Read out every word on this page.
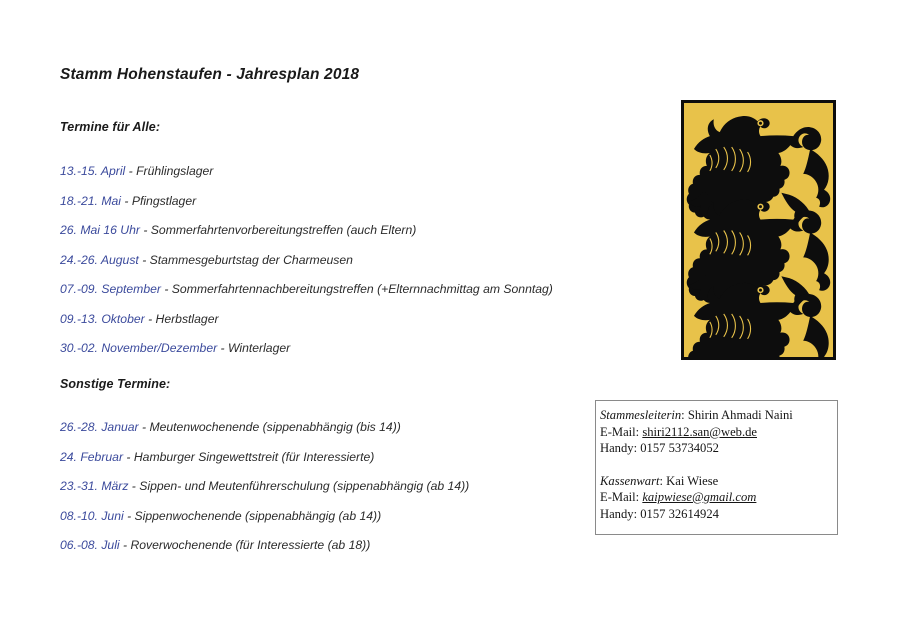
Stamm Hohenstaufen - Jahresplan 2018
Termine für Alle:
13.-15. April - Frühlingslager
18.-21. Mai - Pfingstlager
26. Mai 16 Uhr - Sommerfahrtenvorbereitungstreffen (auch Eltern)
24.-26. August - Stammesgeburtstag der Charmeusen
07.-09. September - Sommerfahrtennachbereitungstreffen (+Elternnachmittag am Sonntag)
09.-13. Oktober - Herbstlager
30.-02. November/Dezember - Winterlager
Sonstige Termine:
26.-28. Januar - Meutenwochenende (sippenabhängig (bis 14))
24. Februar - Hamburger Singewettstreit (für Interessierte)
23.-31. März - Sippen- und Meutenführerschulung (sippenabhängig (ab 14))
08.-10. Juni - Sippenwochenende (sippenabhängig (ab 14))
06.-08. Juli - Roverwochenende (für Interessierte (ab 18))
Stammesleiterin: Shirin Ahmadi Naini
E-Mail: shiri2112.san@web.de
Handy: 0157 53734052
Kassenwart: Kai Wiese
E-Mail: kaipwiese@gmail.com
Handy: 0157 32614924
